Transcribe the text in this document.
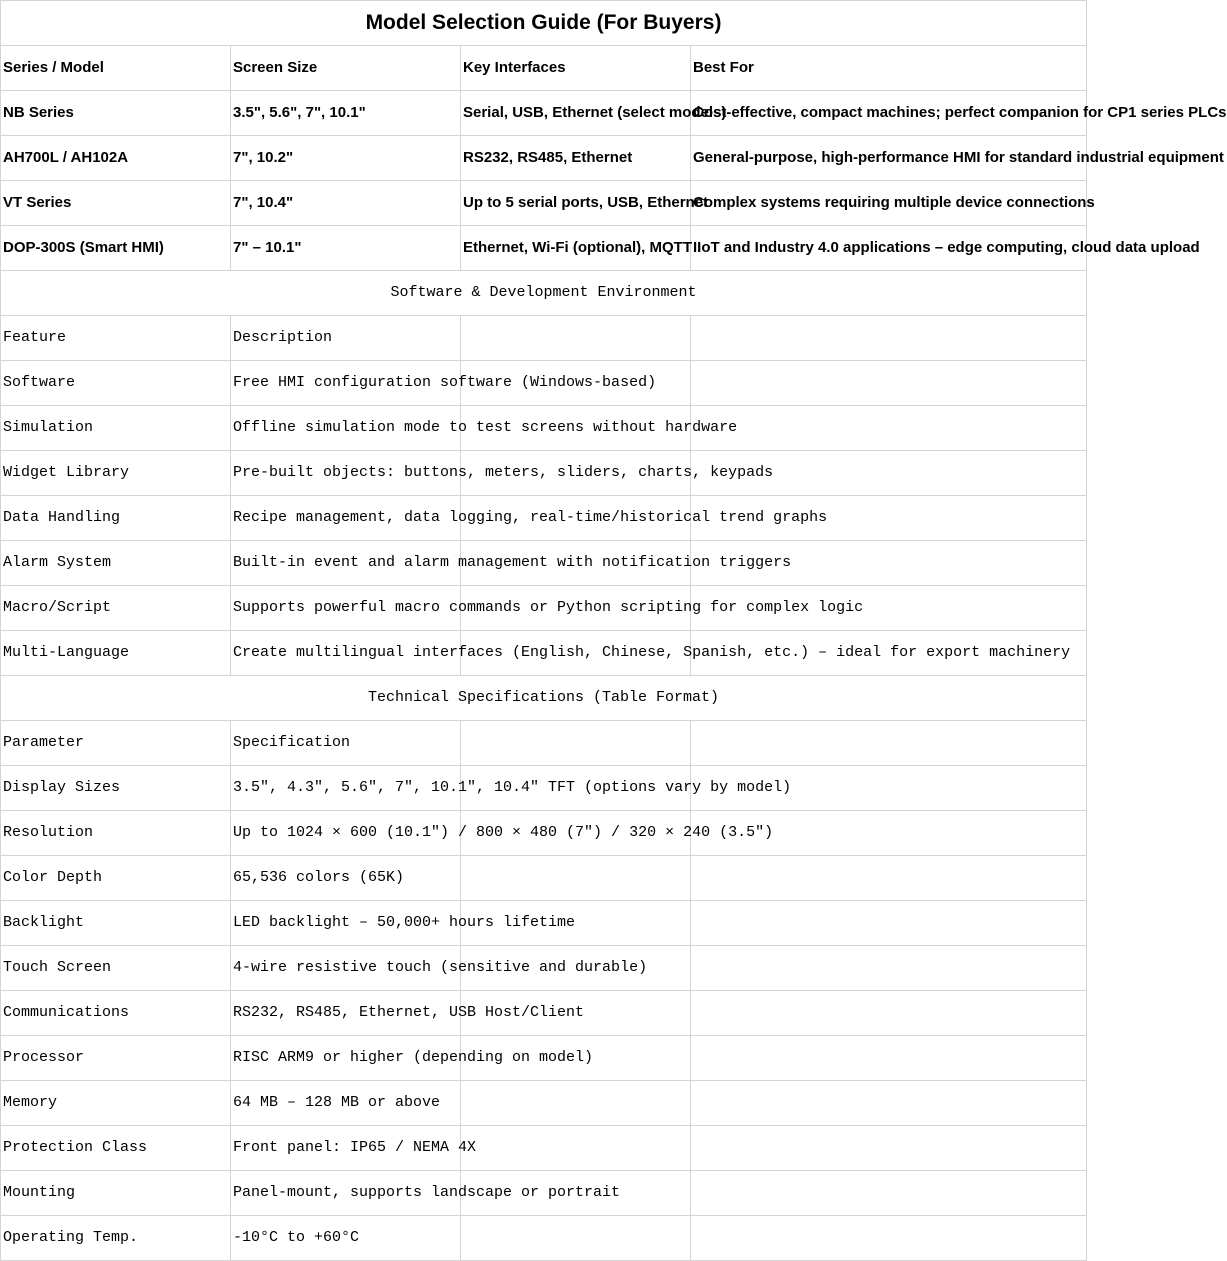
Model Selection Guide (For Buyers)			
Series / Model	Screen Size	Key Interfaces	Best For
NB Series	3.5", 5.6", 7", 10.1"	Serial, USB, Ethernet (select models)	Cost-effective, compact machines; perfect companion for CP1 series PLCs
AH700L / AH102A	7", 10.2"	RS232, RS485, Ethernet	General-purpose, high-performance HMI for standard industrial equipment
VT Series	7", 10.4"	Up to 5 serial ports, USB, Ethernet	Complex systems requiring multiple device connections
DOP-300S (Smart HMI)	7" – 10.1"	Ethernet, Wi-Fi (optional), MQTT	IIoT and Industry 4.0 applications – edge computing, cloud data upload
Software & Development Environment			
Feature	Description		
Software	Free HMI configuration software (Windows-based)		
Simulation	Offline simulation mode to test screens without hardware		
Widget Library	Pre-built objects: buttons, meters, sliders, charts, keypads		
Data Handling	Recipe management, data logging, real-time/historical trend graphs		
Alarm System	Built-in event and alarm management with notification triggers		
Macro/Script	Supports powerful macro commands or Python scripting for complex logic		
Multi-Language	Create multilingual interfaces (English, Chinese, Spanish, etc.) – ideal for export machinery		
Technical Specifications (Table Format)			
Parameter	Specification		
Display Sizes	3.5″, 4.3″, 5.6″, 7″, 10.1″, 10.4″ TFT (options vary by model)		
Resolution	Up to 1024 × 600 (10.1″) / 800 × 480 (7″) / 320 × 240 (3.5″)		
Color Depth	65,536 colors (65K)		
Backlight	LED backlight – 50,000+ hours lifetime		
Touch Screen	4-wire resistive touch (sensitive and durable)		
Communications	RS232, RS485, Ethernet, USB Host/Client		
Processor	RISC ARM9 or higher (depending on model)		
Memory	64 MB – 128 MB or above		
Protection Class	Front panel: IP65 / NEMA 4X		
Mounting	Panel-mount, supports landscape or portrait		
Operating Temp.	-10°C to +60°C		
